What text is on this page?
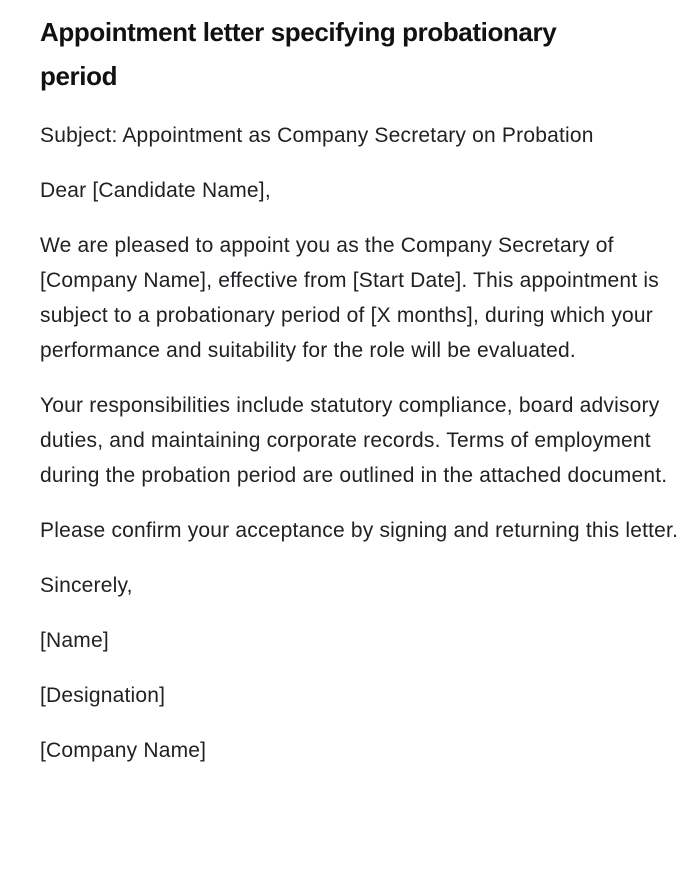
Appointment letter specifying probationary period

Subject: Appointment as Company Secretary on Probation

Dear [Candidate Name],

We are pleased to appoint you as the Company Secretary of [Company Name], effective from [Start Date]. This appointment is subject to a probationary period of [X months], during which your performance and suitability for the role will be evaluated.

Your responsibilities include statutory compliance, board advisory duties, and maintaining corporate records. Terms of employment during the probation period are outlined in the attached document.

Please confirm your acceptance by signing and returning this letter.

Sincerely,

[Name]

[Designation]

[Company Name]
